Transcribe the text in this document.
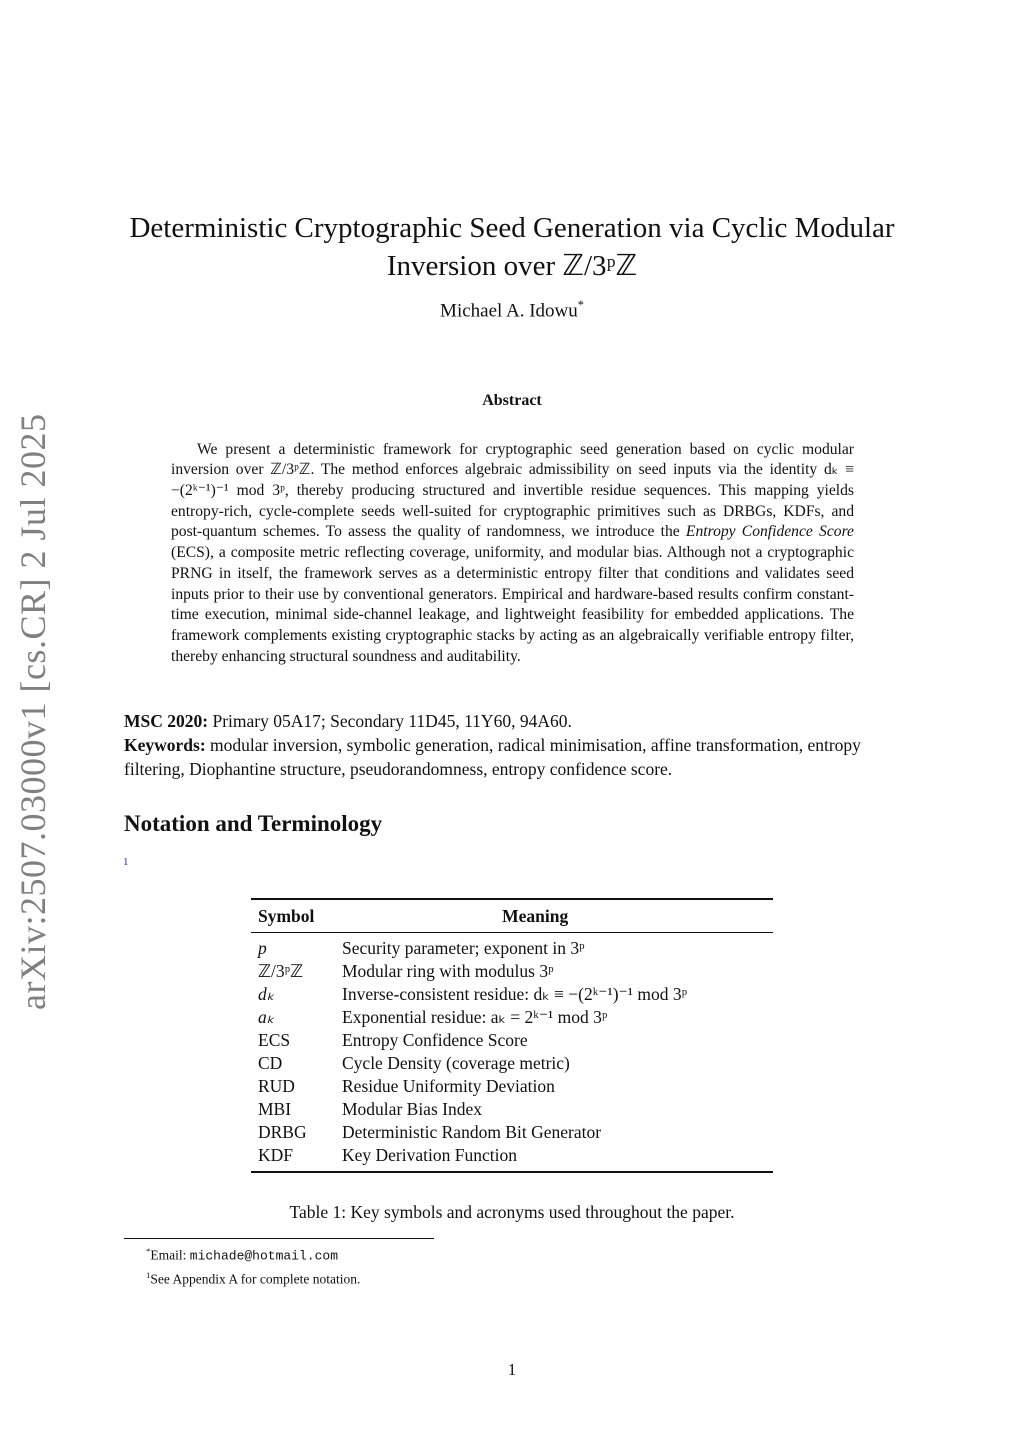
arXiv:2507.03000v1 [cs.CR] 2 Jul 2025
Deterministic Cryptographic Seed Generation via Cyclic Modular Inversion over ℤ/3ᵖℤ
Michael A. Idowu*
Abstract

We present a deterministic framework for cryptographic seed generation based on cyclic modular inversion over ℤ/3ᵖℤ. The method enforces algebraic admissibility on seed inputs via the identity dₖ ≡ −(2ᵏ⁻¹)⁻¹ mod 3ᵖ, thereby producing structured and invertible residue sequences. This mapping yields entropy-rich, cycle-complete seeds well-suited for cryptographic primitives such as DRBGs, KDFs, and post-quantum schemes. To assess the quality of randomness, we introduce the Entropy Confidence Score (ECS), a composite metric reflecting coverage, uniformity, and modular bias. Although not a cryptographic PRNG in itself, the framework serves as a deterministic entropy filter that conditions and validates seed inputs prior to their use by conventional generators. Empirical and hardware-based results confirm constant-time execution, minimal side-channel leakage, and lightweight feasibility for embedded applications. The framework complements existing cryptographic stacks by acting as an algebraically verifiable entropy filter, thereby enhancing structural soundness and auditability.

MSC 2020: Primary 05A17; Secondary 11D45, 11Y60, 94A60.
Keywords: modular inversion, symbolic generation, radical minimisation, affine transformation, entropy filtering, Diophantine structure, pseudorandomness, entropy confidence score.
Notation and Terminology
1
Symbol	Meaning
p	Security parameter; exponent in 3ᵖ
ℤ/3ᵖℤ	Modular ring with modulus 3ᵖ
dₖ	Inverse-consistent residue: dₖ ≡ −(2ᵏ⁻¹)⁻¹ mod 3ᵖ
aₖ	Exponential residue: aₖ = 2ᵏ⁻¹ mod 3ᵖ
ECS	Entropy Confidence Score
CD	Cycle Density (coverage metric)
RUD	Residue Uniformity Deviation
MBI	Modular Bias Index
DRBG	Deterministic Random Bit Generator
KDF	Key Derivation Function
Table 1: Key symbols and acronyms used throughout the paper.
*Email: michade@hotmail.com
$^1$See Appendix A for complete notation.
1
